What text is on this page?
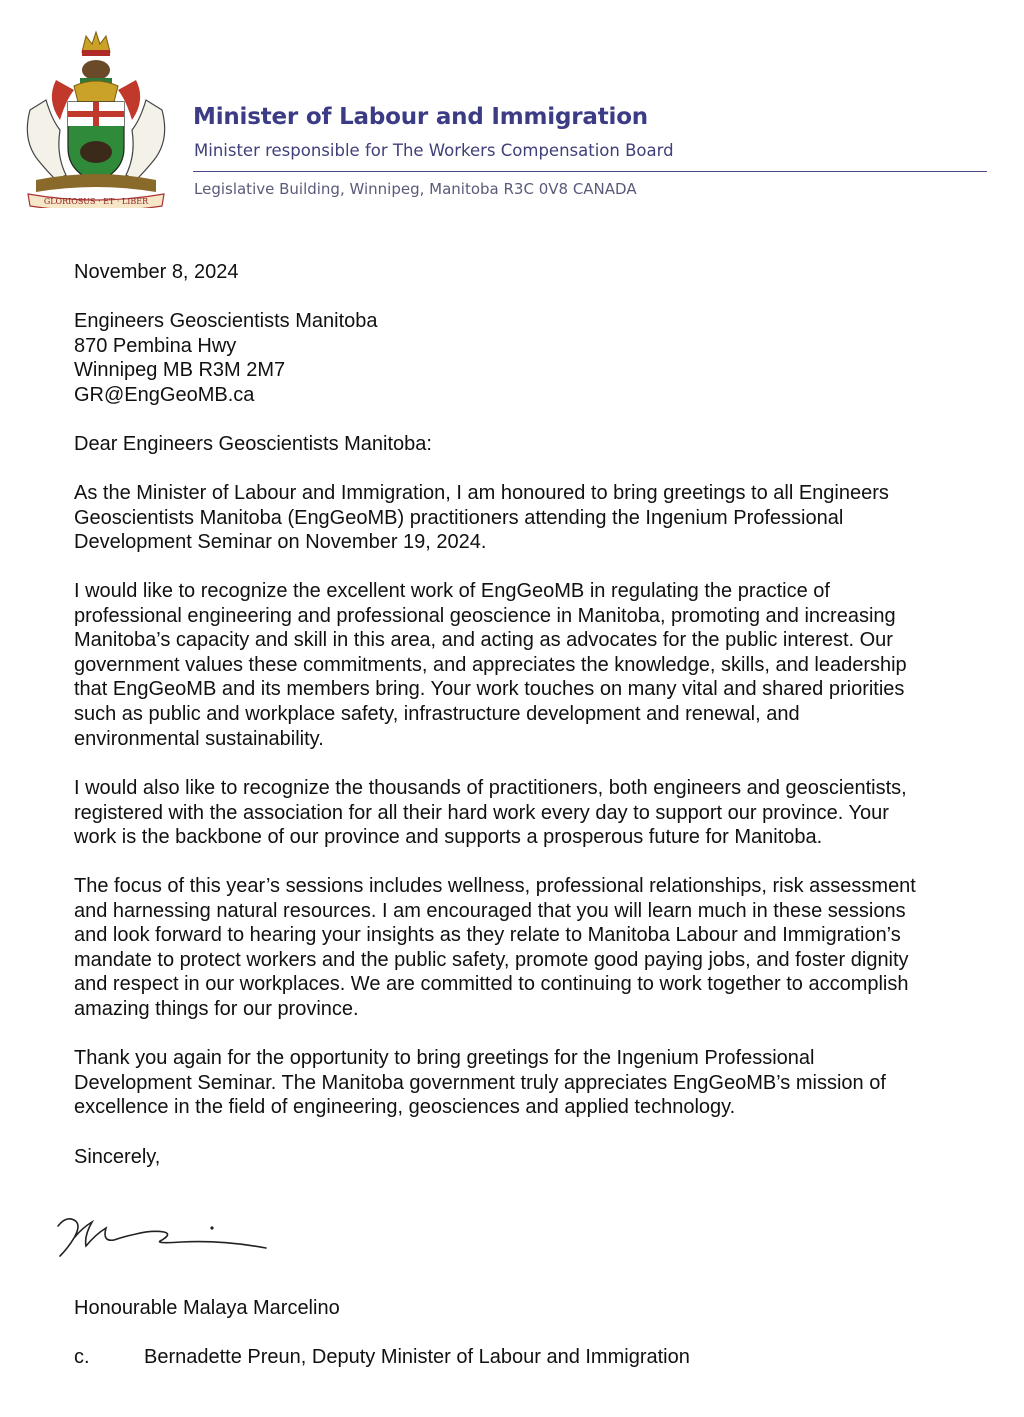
GLORIOSUS · ET · LIBER
Minister of Labour and Immigration
Minister responsible for The Workers Compensation Board
Legislative Building, Winnipeg, Manitoba R3C 0V8 CANADA

November 8, 2024

Engineers Geoscientists Manitoba
870 Pembina Hwy
Winnipeg MB R3M 2M7
GR@EngGeoMB.ca

Dear Engineers Geoscientists Manitoba:

As the Minister of Labour and Immigration, I am honoured to bring greetings to all Engineers
Geoscientists Manitoba (EngGeoMB) practitioners attending the Ingenium Professional
Development Seminar on November 19, 2024.
I would like to recognize the excellent work of EngGeoMB in regulating the practice of
professional engineering and professional geoscience in Manitoba, promoting and increasing
Manitoba’s capacity and skill in this area, and acting as advocates for the public interest. Our
government values these commitments, and appreciates the knowledge, skills, and leadership
that EngGeoMB and its members bring. Your work touches on many vital and shared priorities
such as public and workplace safety, infrastructure development and renewal, and
environmental sustainability.
I would also like to recognize the thousands of practitioners, both engineers and geoscientists,
registered with the association for all their hard work every day to support our province. Your
work is the backbone of our province and supports a prosperous future for Manitoba.
The focus of this year’s sessions includes wellness, professional relationships, risk assessment
and harnessing natural resources. I am encouraged that you will learn much in these sessions
and look forward to hearing your insights as they relate to Manitoba Labour and Immigration’s
mandate to protect workers and the public safety, promote good paying jobs, and foster dignity
and respect in our workplaces. We are committed to continuing to work together to accomplish
amazing things for our province.
Thank you again for the opportunity to bring greetings for the Ingenium Professional
Development Seminar. The Manitoba government truly appreciates EngGeoMB’s mission of
excellence in the field of engineering, geosciences and applied technology.

Sincerely,

Honourable Malaya Marcelino

c.	Bernadette Preun, Deputy Minister of Labour and Immigration
